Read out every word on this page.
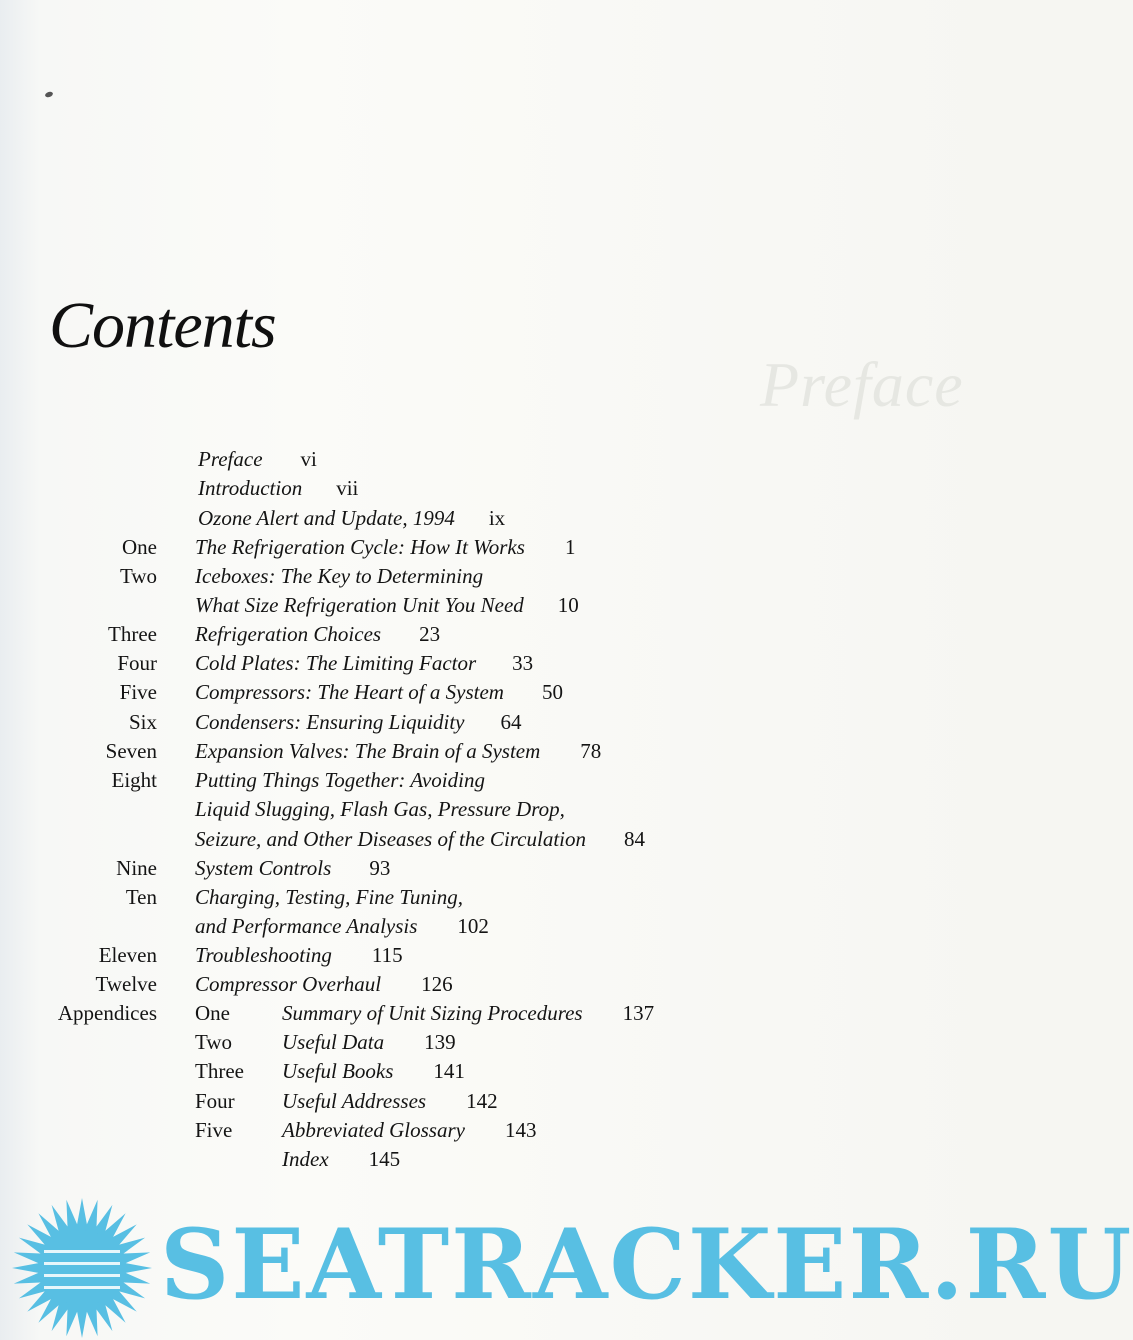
Preface
Contents
Preface vi
Introduction vii
Ozone Alert and Update, 1994 ix
One The Refrigeration Cycle: How It Works 1
Two Iceboxes: The Key to Determining
What Size Refrigeration Unit You Need 10
Three Refrigeration Choices 23
Four Cold Plates: The Limiting Factor 33
Five Compressors: The Heart of a System 50
Six Condensers: Ensuring Liquidity 64
Seven Expansion Valves: The Brain of a System 78
Eight Putting Things Together: Avoiding
Liquid Slugging, Flash Gas, Pressure Drop,
Seizure, and Other Diseases of the Circulation 84
Nine System Controls 93
Ten Charging, Testing, Fine Tuning,
and Performance Analysis 102
Eleven Troubleshooting 115
Twelve Compressor Overhaul 126
Appendices One Summary of Unit Sizing Procedures 137
Two Useful Data 139
Three Useful Books 141
Four Useful Addresses 142
Five Abbreviated Glossary 143
Index 145
SEATRACKER.RU
